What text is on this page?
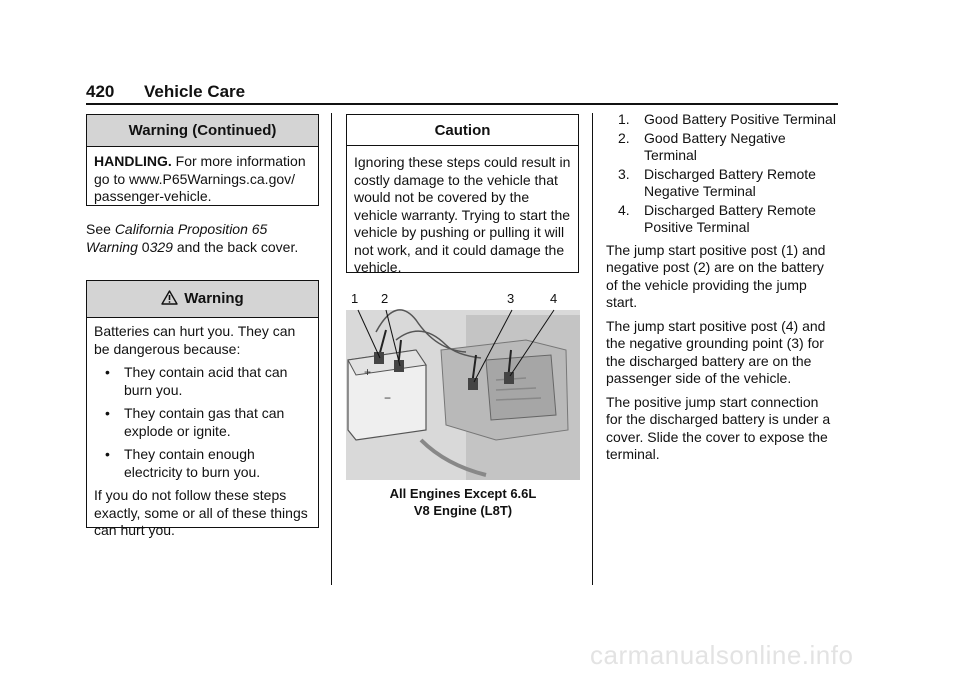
420 Vehicle Care
Warning (Continued)
HANDLING. For more information go to www.P65Warnings.ca.gov/ passenger-vehicle.
See California Proposition 65 Warning 0329 and the back cover.
Warning

Batteries can hurt you. They can be dangerous because:

• They contain acid that can burn you.
• They contain gas that can explode or ignite.
• They contain enough electricity to burn you.

If you do not follow these steps exactly, some or all of these things can hurt you.

Caution
Ignoring these steps could result in costly damage to the vehicle that would not be covered by the vehicle warranty. Trying to start the vehicle by pushing or pulling it will not work, and it could damage the vehicle.
+
−
1 2	3	4
All Engines Except 6.6L
V8 Engine (L8T)
1. Good Battery Positive Terminal
2. Good Battery Negative Terminal
3. Discharged Battery Remote Negative Terminal
4. Discharged Battery Remote Positive Terminal

The jump start positive post (1) and negative post (2) are on the battery of the vehicle providing the jump start.

The jump start positive post (4) and the negative grounding point (3) for the discharged battery are on the passenger side of the vehicle.

The positive jump start connection for the discharged battery is under a cover. Slide the cover to expose the terminal.

carmanualsonline.info
